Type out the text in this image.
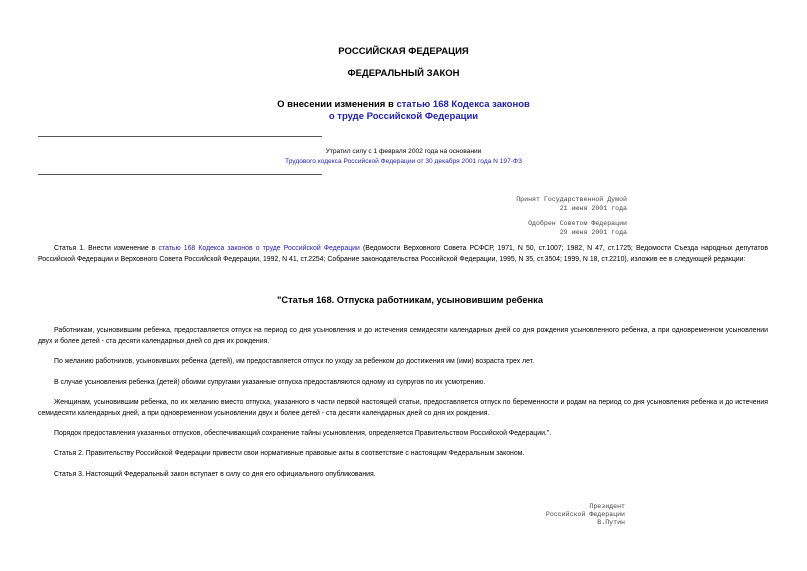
РОССИЙСКАЯ ФЕДЕРАЦИЯ
ФЕДЕРАЛЬНЫЙ ЗАКОН
О внесении изменения в статью 168 Кодекса законов
о труде Российской Федерации
Утратил силу с 1 февраля 2002 года на основании
Трудового кодекса Российской Федерации от 30 декабря 2001 года N 197-ФЗ
Принят Государственной Думой
21 июня 2001 года
Одобрен Советом Федерации
29 июня 2001 года
Статья 1. Внести изменение в статью 168 Кодекса законов о труде Российской Федерации (Ведомости Верховного Совета РСФСР, 1971, N 50, ст.1007; 1982, N 47, ст.1725; Ведомости Съезда народных депутатов Российской Федерации и Верховного Совета Российской Федерации, 1992, N 41, ст.2254; Собрание законодательства Российской Федерации, 1995, N 35, ст.3504; 1999, N 18, ст.2210), изложив ее в следующей редакции:
"Статья 168. Отпуска работникам, усыновившим ребенка
Работникам, усыновившим ребенка, предоставляется отпуск на период со дня усыновления и до истечения семидесяти календарных дней со дня рождения усыновленного ребенка, а при одновременном усыновлении двух и более детей - ста десяти календарных дней со дня их рождения.
По желанию работников, усыновивших ребенка (детей), им предоставляется отпуск по уходу за ребенком до достижения им (ими) возраста трех лет.
В случае усыновления ребенка (детей) обоими супругами указанные отпуска предоставляются одному из супругов по их усмотрению.
Женщинам, усыновившим ребенка, по их желанию вместо отпуска, указанного в части первой настоящей статьи, предоставляется отпуск по беременности и родам на период со дня усыновления ребенка и до истечения семидесяти календарных дней, а при одновременном усыновлении двух и более детей - ста десяти календарных дней со дня их рождения.
Порядок предоставления указанных отпусков, обеспечивающий сохранение тайны усыновления, определяется Правительством Российской Федерации.".
Статья 2. Правительству Российской Федерации привести свои нормативные правовые акты в соответствие с настоящим Федеральным законом.
Статья 3. Настоящий Федеральный закон вступает в силу со дня его официального опубликования.
Президент
Российской Федерации
В.Путин
